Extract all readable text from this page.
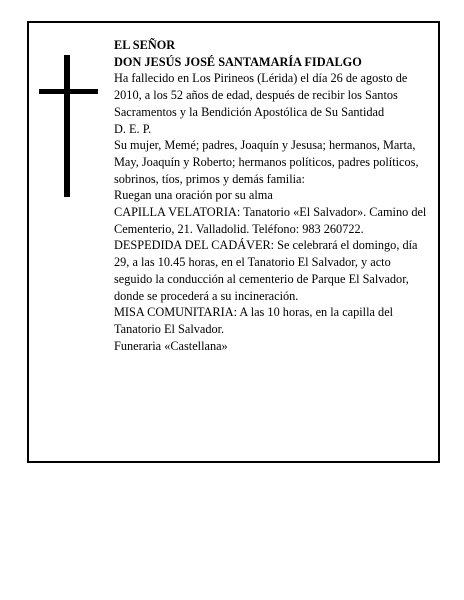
EL SEÑOR

DON JESÚS JOSÉ SANTAMARÍA FIDALGO

Ha fallecido en Los Pirineos (Lérida) el día 26 de agosto de 2010, a los 52 años de edad, después de recibir los Santos Sacramentos y la Bendición Apostólica de Su Santidad

D. E. P.

Su mujer, Memé; padres, Joaquín y Jesusa; hermanos, Marta, May, Joaquín y Roberto; hermanos políticos, padres políticos, sobrinos, tíos, primos y demás familia:

Ruegan una oración por su alma

CAPILLA VELATORIA: Tanatorio «El Salvador». Camino del Cementerio, 21. Valladolid. Teléfono: 983 260722.

DESPEDIDA DEL CADÁVER: Se celebrará el domingo, día 29, a las 10.45 horas, en el Tanatorio El Salvador, y acto seguido la conducción al cementerio de Parque El Salvador, donde se procederá a su incineración.

MISA COMUNITARIA: A las 10 horas, en la capilla del Tanatorio El Salvador.

Funeraria «Castellana»
